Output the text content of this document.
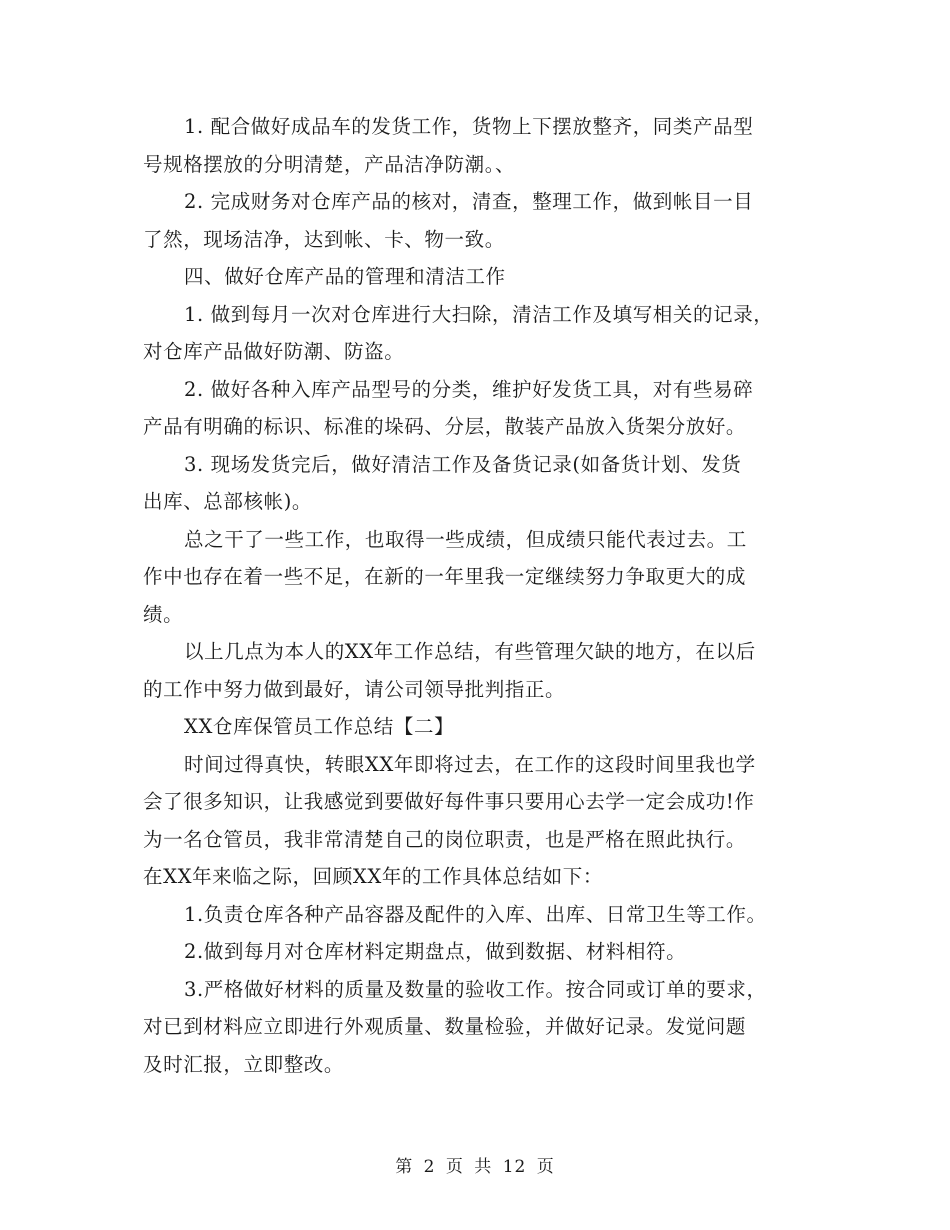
1. 配合做好成品车的发货工作，货物上下摆放整齐，同类产品型
号规格摆放的分明清楚，产品洁净防潮。、
2. 完成财务对仓库产品的核对，清查，整理工作，做到帐目一目
了然，现场洁净，达到帐、卡、物一致。
四、做好仓库产品的管理和清洁工作
1. 做到每月一次对仓库进行大扫除，清洁工作及填写相关的记录，
对仓库产品做好防潮、防盗。
2. 做好各种入库产品型号的分类，维护好发货工具，对有些易碎
产品有明确的标识、标准的垛码、分层，散装产品放入货架分放好。
3. 现场发货完后，做好清洁工作及备货记录(如备货计划、发货
出库、总部核帐)。
总之干了一些工作，也取得一些成绩，但成绩只能代表过去。工
作中也存在着一些不足，在新的一年里我一定继续努力争取更大的成
绩。
以上几点为本人的XX年工作总结，有些管理欠缺的地方，在以后
的工作中努力做到最好，请公司领导批判指正。
XX仓库保管员工作总结【二】
时间过得真快，转眼XX年即将过去，在工作的这段时间里我也学
会了很多知识，让我感觉到要做好每件事只要用心去学一定会成功!作
为一名仓管员，我非常清楚自己的岗位职责，也是严格在照此执行。
在XX年来临之际，回顾XX年的工作具体总结如下：
1.负责仓库各种产品容器及配件的入库、出库、日常卫生等工作。
2.做到每月对仓库材料定期盘点，做到数据、材料相符。
3.严格做好材料的质量及数量的验收工作。按合同或订单的要求，
对已到材料应立即进行外观质量、数量检验，并做好记录。发觉问题
及时汇报，立即整改。
第 2 页 共 12 页
